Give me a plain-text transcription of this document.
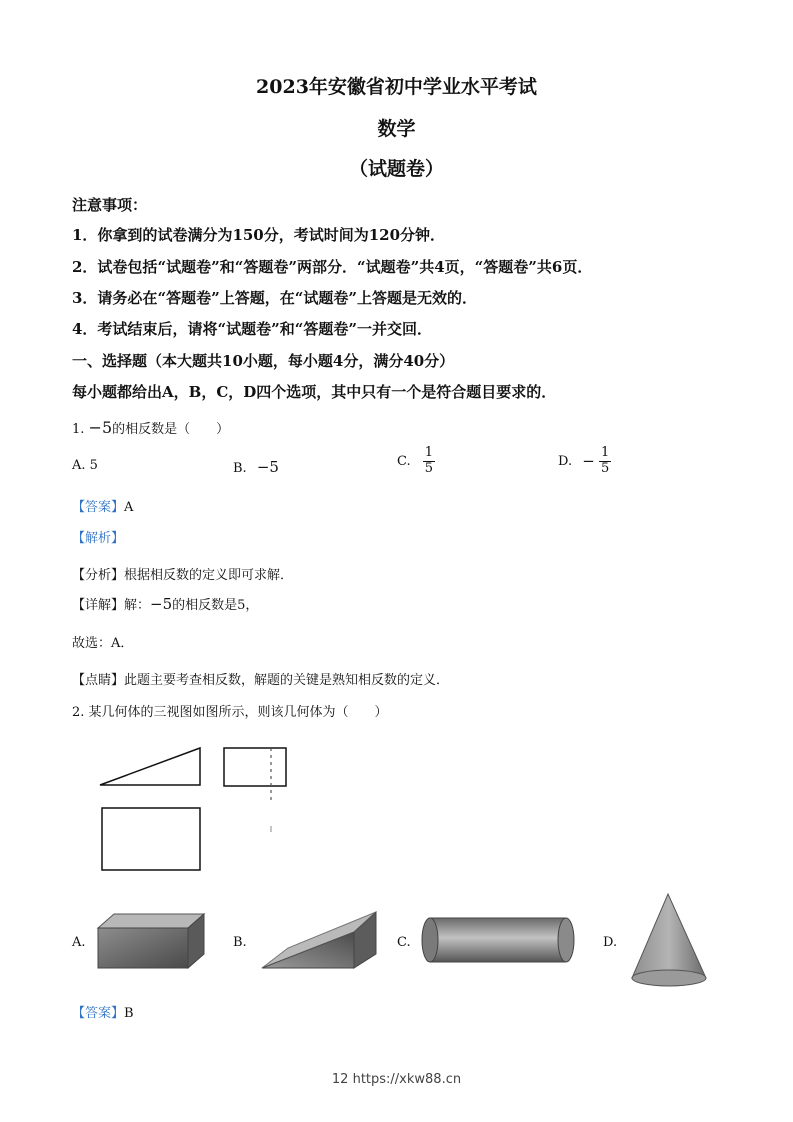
2023年安徽省初中学业水平考试
数学
（试题卷）
注意事项：
1．你拿到的试卷满分为150分，考试时间为120分钟．
2．试卷包括“试题卷”和“答题卷”两部分．“试题卷”共4页，“答题卷”共6页．
3．请务必在“答题卷”上答题，在“试题卷”上答题是无效的．
4．考试结束后，请将“试题卷”和“答题卷”一并交回．
一、选择题（本大题共10小题，每小题4分，满分40分）
每小题都给出A，B，C，D四个选项，其中只有一个是符合题目要求的．
1. −5的相反数是（　　）
A. 5	B. −5	C. $\frac{1}{5}$	D. − $\frac{1}{5}$
【答案】A
【解析】
【分析】根据相反数的定义即可求解．
【详解】解：−5的相反数是5，
故选：A．
【点睛】此题主要考查相反数，解题的关键是熟知相反数的定义．
2. 某几何体的三视图如图所示，则该几何体为（　　）
A.	B.	C.	D.
【答案】B
12 https://xkw88.cn
